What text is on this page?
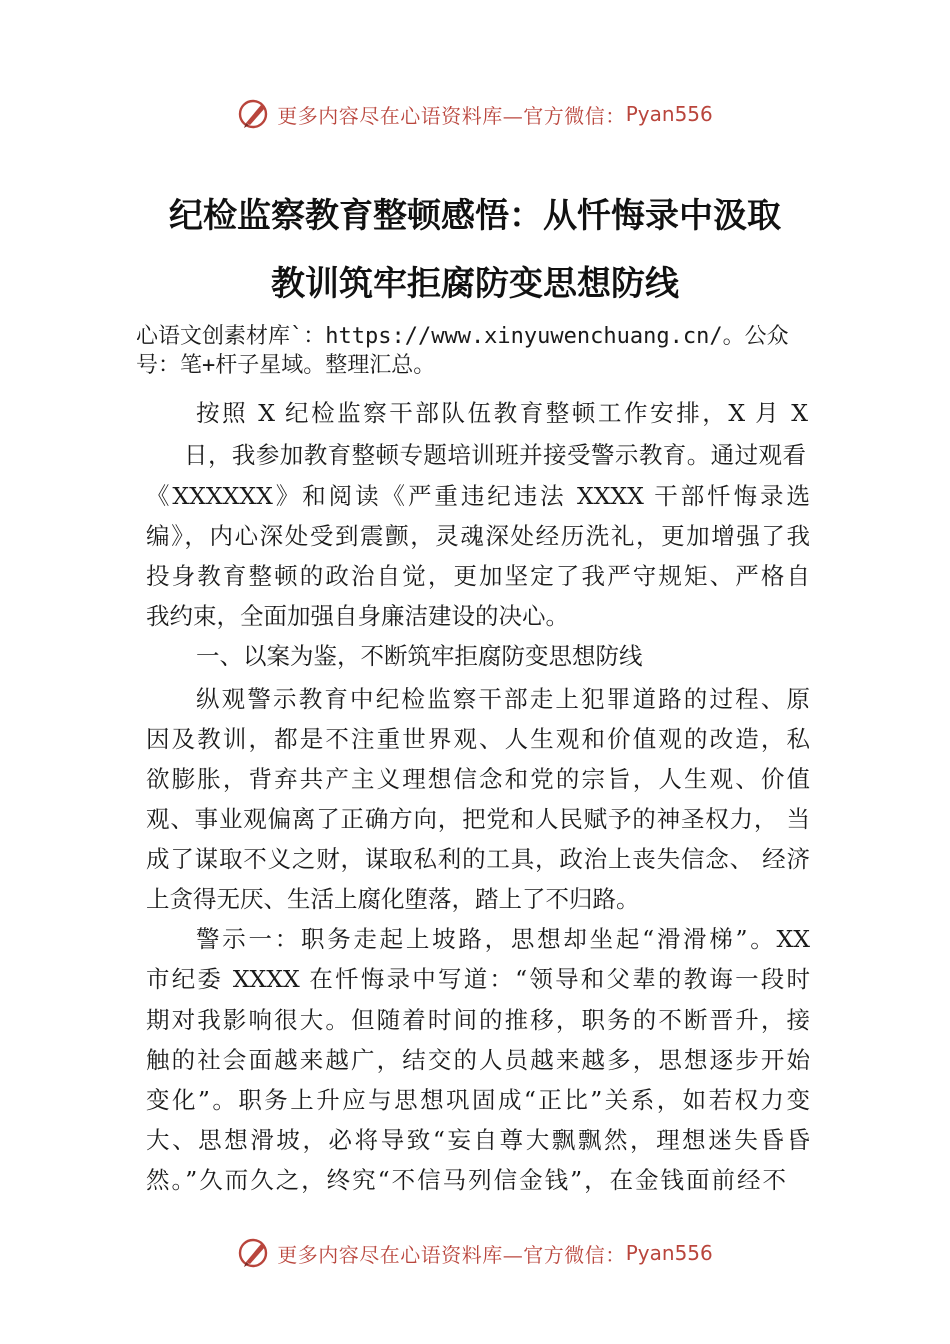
更多内容尽在心语资料库—官方微信： Pyan556
纪检监察教育整顿感悟：从忏悔录中汲取
教训筑牢拒腐防变思想防线
心语文创素材库`：https://www.xinyuwenchuang.cn/。公众号：笔+杆子星域。整理汇总。
按照 X 纪检监察干部队伍教育整顿工作安排，X 月 X
日，我参加教育整顿专题培训班并接受警示教育。通过观看
《XXXXXX》和阅读《严重违纪违法 XXXX 干部忏悔录选
编》，内心深处受到震颤，灵魂深处经历洗礼，更加增强了我
投身教育整顿的政治自觉，更加坚定了我严守规矩、严格自
我约束，全面加强自身廉洁建设的决心。
一、以案为鉴，不断筑牢拒腐防变思想防线
纵观警示教育中纪检监察干部走上犯罪道路的过程、原
因及教训，都是不注重世界观、人生观和价值观的改造，私
欲膨胀，背弃共产主义理想信念和党的宗旨，人生观、价值
观、事业观偏离了正确方向，把党和人民赋予的神圣权力， 当
成了谋取不义之财，谋取私利的工具，政治上丧失信念、 经济
上贪得无厌、生活上腐化堕落，踏上了不归路。
警示一：职务走起上坡路，思想却坐起“滑滑梯”。XX
市纪委 XXXX 在忏悔录中写道：“领导和父辈的教诲一段时
期对我影响很大。但随着时间的推移，职务的不断晋升，接
触的社会面越来越广，结交的人员越来越多，思想逐步开始
变化”。职务上升应与思想巩固成“正比”关系，如若权力变
大、思想滑坡，必将导致“妄自尊大飘飘然，理想迷失昏昏
然。”久而久之，终究“不信马列信金钱”，在金钱面前经不
更多内容尽在心语资料库—官方微信： Pyan556
